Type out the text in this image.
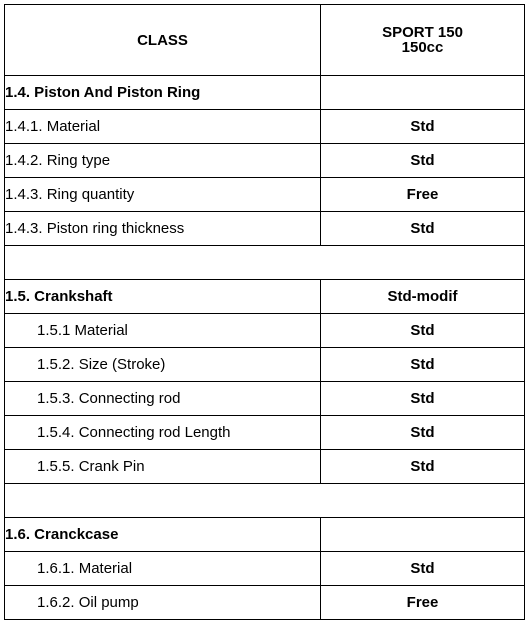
CLASS	SPORT 150
150cc

1.4. Piston And Piston Ring	
1.4.1. Material	Std
1.4.2. Ring type	Std
1.4.3. Ring quantity	Free
1.4.3. Piston ring thickness	Std

1.5. Crankshaft	Std-modif
1.5.1 Material	Std
1.5.2. Size (Stroke)	Std
1.5.3. Connecting rod	Std
1.5.4. Connecting rod Length	Std
1.5.5. Crank Pin	Std

1.6. Cranckcase	
1.6.1. Material	Std
1.6.2. Oil pump	Free
